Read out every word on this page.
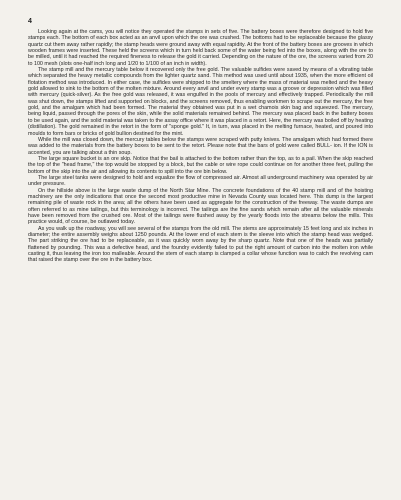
4

Looking again at the cams, you will notice they operated the stamps in sets of five. The battery boxes were therefore designed to hold five stamps each. The bottom of each box acted as an anvil upon which the ore was crushed. The bottoms had to be replaceable because the glassy quartz cut them away rather rapidly; the stamp heads were ground away with equal rapidity. At the front of the battery boxes are grooves in which wooden frames were inserted. These held the screens which in turn held back some of the water being fed into the boxes, along with the ore to be milled, until it had reached the required fineness to release the gold it carried. Depending on the nature of the ore, the screens varied from 20 to 100 mesh (slots one-half inch long and 1/20 to 1/100 of an inch in width).

The stamp mill and the mercury table below it recovered only the free gold. The valuable sulfides were saved by means of a vibrating table which separated the heavy metallic compounds from the lighter quartz sand. This method was used until about 1935, when the more efficient oil flotation method was introduced. In either case, the sulfides were shipped to the smeltery where the mass of material was melted and the heavy gold allowed to sink to the bottom of the molten mixture. Around every anvil and under every stamp was a groove or depression which was filled with mercury (quick-silver). As the free gold was released, it was engulfed in the pools of mercury and effectively trapped. Periodically the mill was shut down, the stamps lifted and supported on blocks, and the screens removed, thus enabling workmen to scrape out the mercury, the free gold, and the amalgam which had been formed. The material they obtained was put in a wet chamois skin bag and squeezed. The mercury, being liquid, passed through the pores of the skin, while the solid materials remained behind. The mercury was placed back in the battery boxes to be used again, and the solid material was taken to the assay office where it was placed in a retort. Here, the mercury was boiled off by heating (distillation). The gold remained in the retort in the form of "sponge gold." It, in turn, was placed in the melting furnace, heated, and poured into moulds to form bars or bricks of gold bullion destined for the mint.

While the mill was closed down, the mercury tables below the stamps were scraped with putty knives. The amalgam which had formed there was added to the materials from the battery boxes to be sent to the retort. Please note that the bars of gold were called BULL- ion. If the ION is accented, you are talking about a thin soup.

The large square bucket is an ore skip. Notice that the bail is attached to the bottom rather than the top, as to a pail. When the skip reached the top of the "head frame," the top would be stopped by a block, but the cable or wire rope could continue on for another three feet, pulling the bottom of the skip into the air and allowing its contents to spill into the ore bin below.

The large steel tanks were designed to hold and equalize the flow of compressed air. Almost all underground machinery was operated by air under pressure.

On the hillside above is the large waste dump of the North Star Mine. The concrete foundations of the 40 stamp mill and of the hoisting machinery are the only indications that once the second most productive mine in Nevada County was located here. This dump is the largest remaining pile of waste rock in the area; all the others have been used as aggregate for the construction of the freeway. The waste dumps are often referred to as mine tailings, but this terminology is incorrect. The tailings are the fine sands which remain after all the valuable minerals have been removed from the crushed ore. Most of the tailings were flushed away by the yearly floods into the streams below the mills. This practice would, of course, be outlawed today.

As you walk up the roadway, you will see several of the stamps from the old mill. The stems are approximately 15 feet long and six inches in diameter; the entire assembly weighs about 1250 pounds. At the lower end of each stem is the sleeve into which the stamp head was wedged. The part striking the ore had to be replaceable, as it was quickly worn away by the sharp quartz. Note that one of the heads was partially flattened by pounding. This was a defective head, and the foundry evidently failed to put the right amount of carbon into the molten iron while casting it, thus leaving the iron too malleable. Around the stem of each stamp is clamped a collar whose function was to catch the revolving cam that raised the stamp over the ore in the battery box.
